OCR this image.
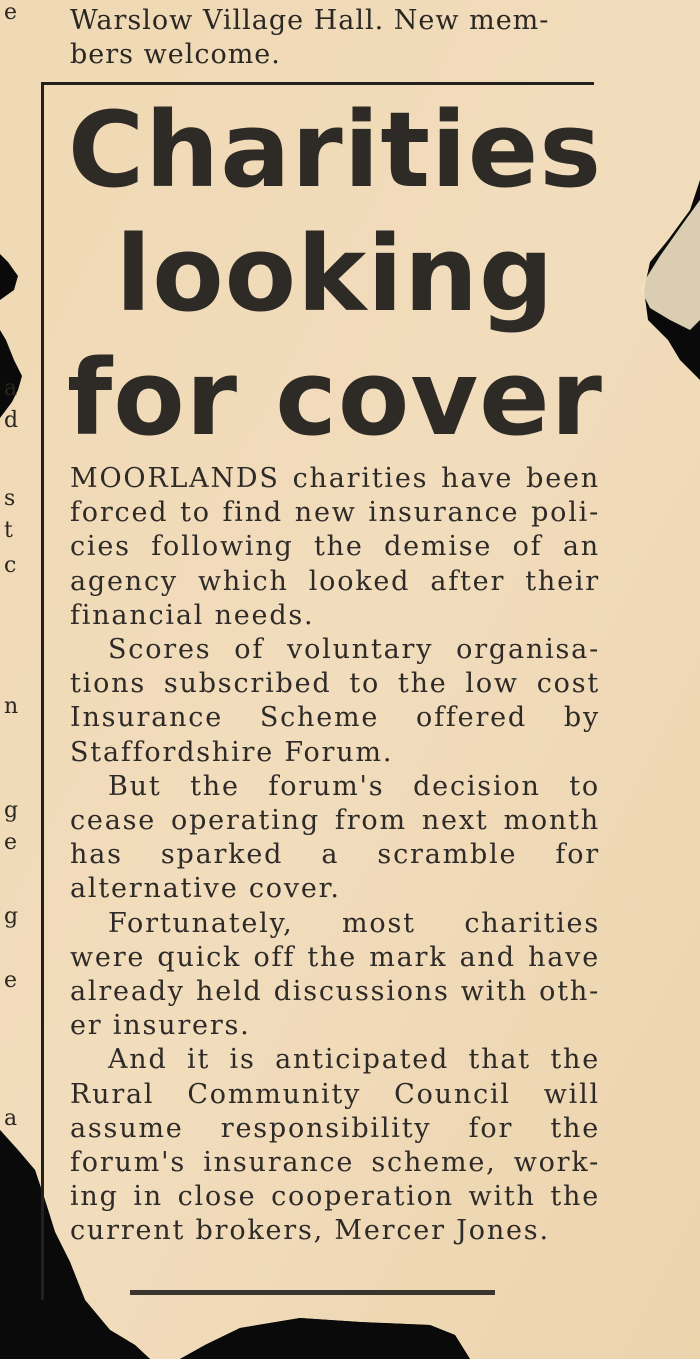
e
a
d
s
t
c
n
g
e
g
e
a
Warslow Village Hall. New mem-
bers welcome.
Charities
looking
for cover

MOORLANDS charities have been forced to find new insurance poli-cies following the demise of an agency which looked after their financial needs.

Scores of voluntary organisa-tions subscribed to the low cost Insurance Scheme offered by Staffordshire Forum.

But the forum's decision to cease operating from next month has sparked a scramble for alternative cover.

Fortunately, most charities were quick off the mark and have already held discussions with oth-er insurers.

And it is anticipated that the Rural Community Council will assume responsibility for the forum's insurance scheme, work-ing in close cooperation with the current brokers, Mercer Jones.
